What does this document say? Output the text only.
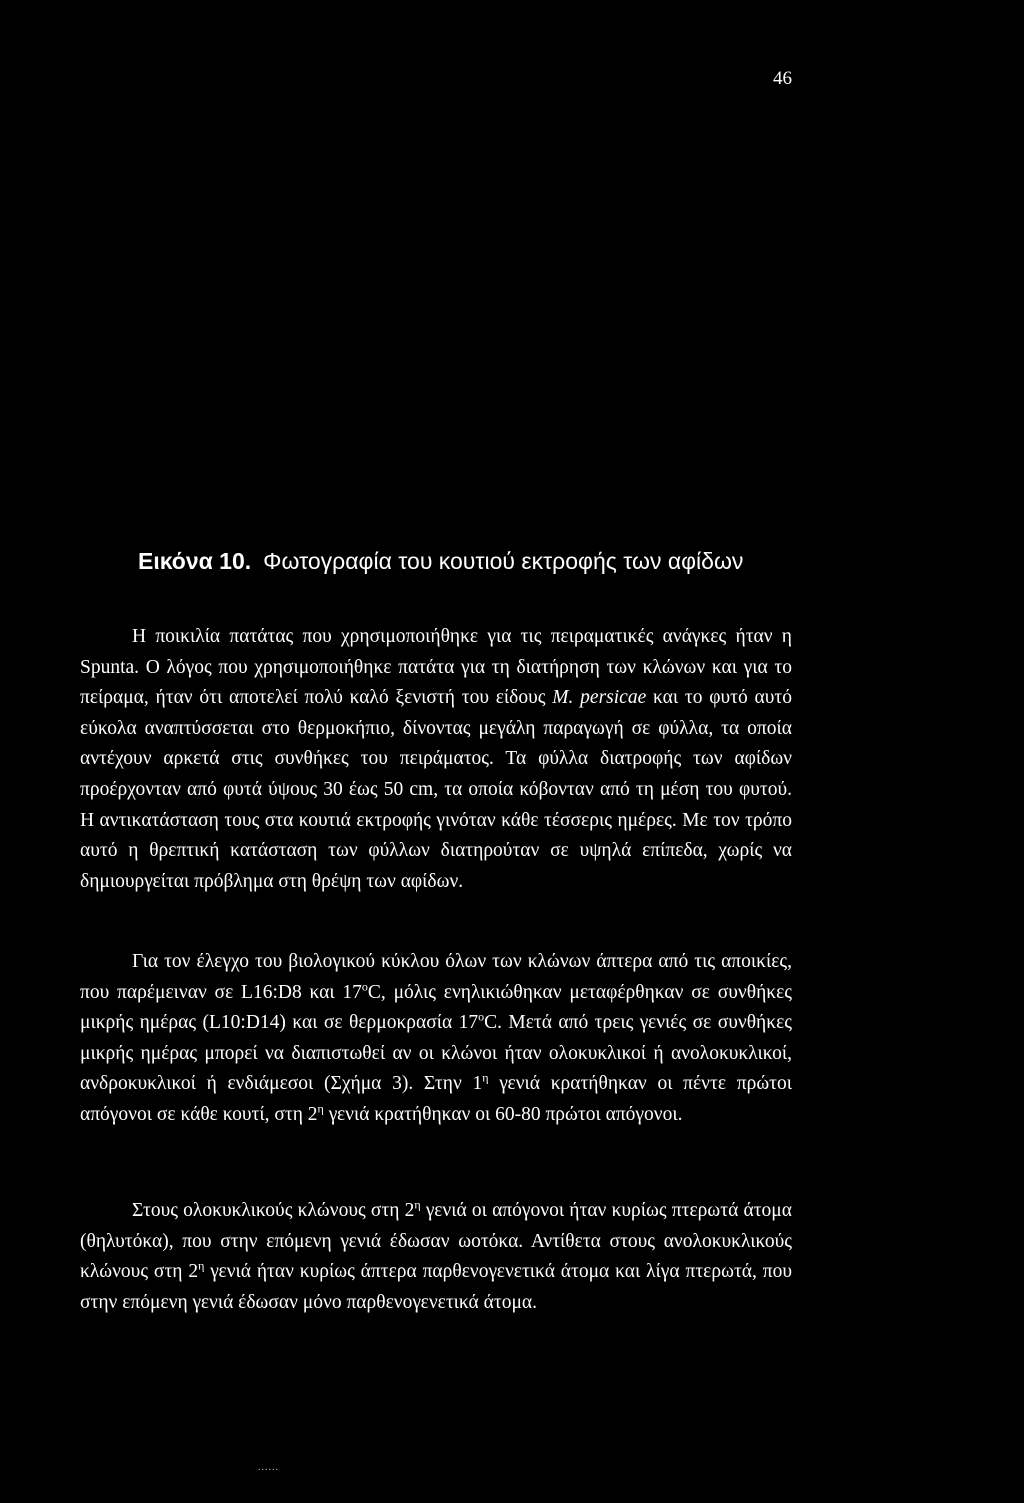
46
Εικόνα 10. Φωτογραφία του κουτιού εκτροφής των αφίδων

Η ποικιλία πατάτας που χρησιμοποιήθηκε για τις πειραματικές ανάγκες ήταν η Spunta. Ο λόγος που χρησιμοποιήθηκε πατάτα για τη διατήρηση των κλώνων και για το πείραμα, ήταν ότι αποτελεί πολύ καλό ξενιστή του είδους M. persicae και το φυτό αυτό εύκολα αναπτύσσεται στο θερμοκήπιο, δίνοντας μεγάλη παραγωγή σε φύλλα, τα οποία αντέχουν αρκετά στις συνθήκες του πειράματος. Τα φύλλα διατροφής των αφίδων προέρχονταν από φυτά ύψους 30 έως 50 cm, τα οποία κόβονταν από τη μέση του φυτού. Η αντικατάσταση τους στα κουτιά εκτροφής γινόταν κάθε τέσσερις ημέρες. Με τον τρόπο αυτό η θρεπτική κατάσταση των φύλλων διατηρούταν σε υψηλά επίπεδα, χωρίς να δημιουργείται πρόβλημα στη θρέψη των αφίδων.

Για τον έλεγχο του βιολογικού κύκλου όλων των κλώνων άπτερα από τις αποικίες, που παρέμειναν σε L16:D8 και 17$^o$C, μόλις ενηλικιώθηκαν μεταφέρθηκαν σε συνθήκες μικρής ημέρας (L10:D14) και σε θερμοκρασία 17$^o$C. Μετά από τρεις γενιές σε συνθήκες μικρής ημέρας μπορεί να διαπιστωθεί αν οι κλώνοι ήταν ολοκυκλικοί ή ανολοκυκλικοί, ανδροκυκλικοί ή ενδιάμεσοι (Σχήμα 3). Στην $1^\eta$ γενιά κρατήθηκαν οι πέντε πρώτοι απόγονοι σε κάθε κουτί, στη $2^\eta$ γενιά κρατήθηκαν οι 60-80 πρώτοι απόγονοι.

Στους ολοκυκλικούς κλώνους στη $2^\eta$ γενιά οι απόγονοι ήταν κυρίως πτερωτά άτομα (θηλυτόκα), που στην επόμενη γενιά έδωσαν ωοτόκα. Αντίθετα στους ανολοκυκλικούς κλώνους στη $2^\eta$ γενιά ήταν κυρίως άπτερα παρθενογενετικά άτομα και λίγα πτερωτά, που στην επόμενη γενιά έδωσαν μόνο παρθενογενετικά άτομα.

......
